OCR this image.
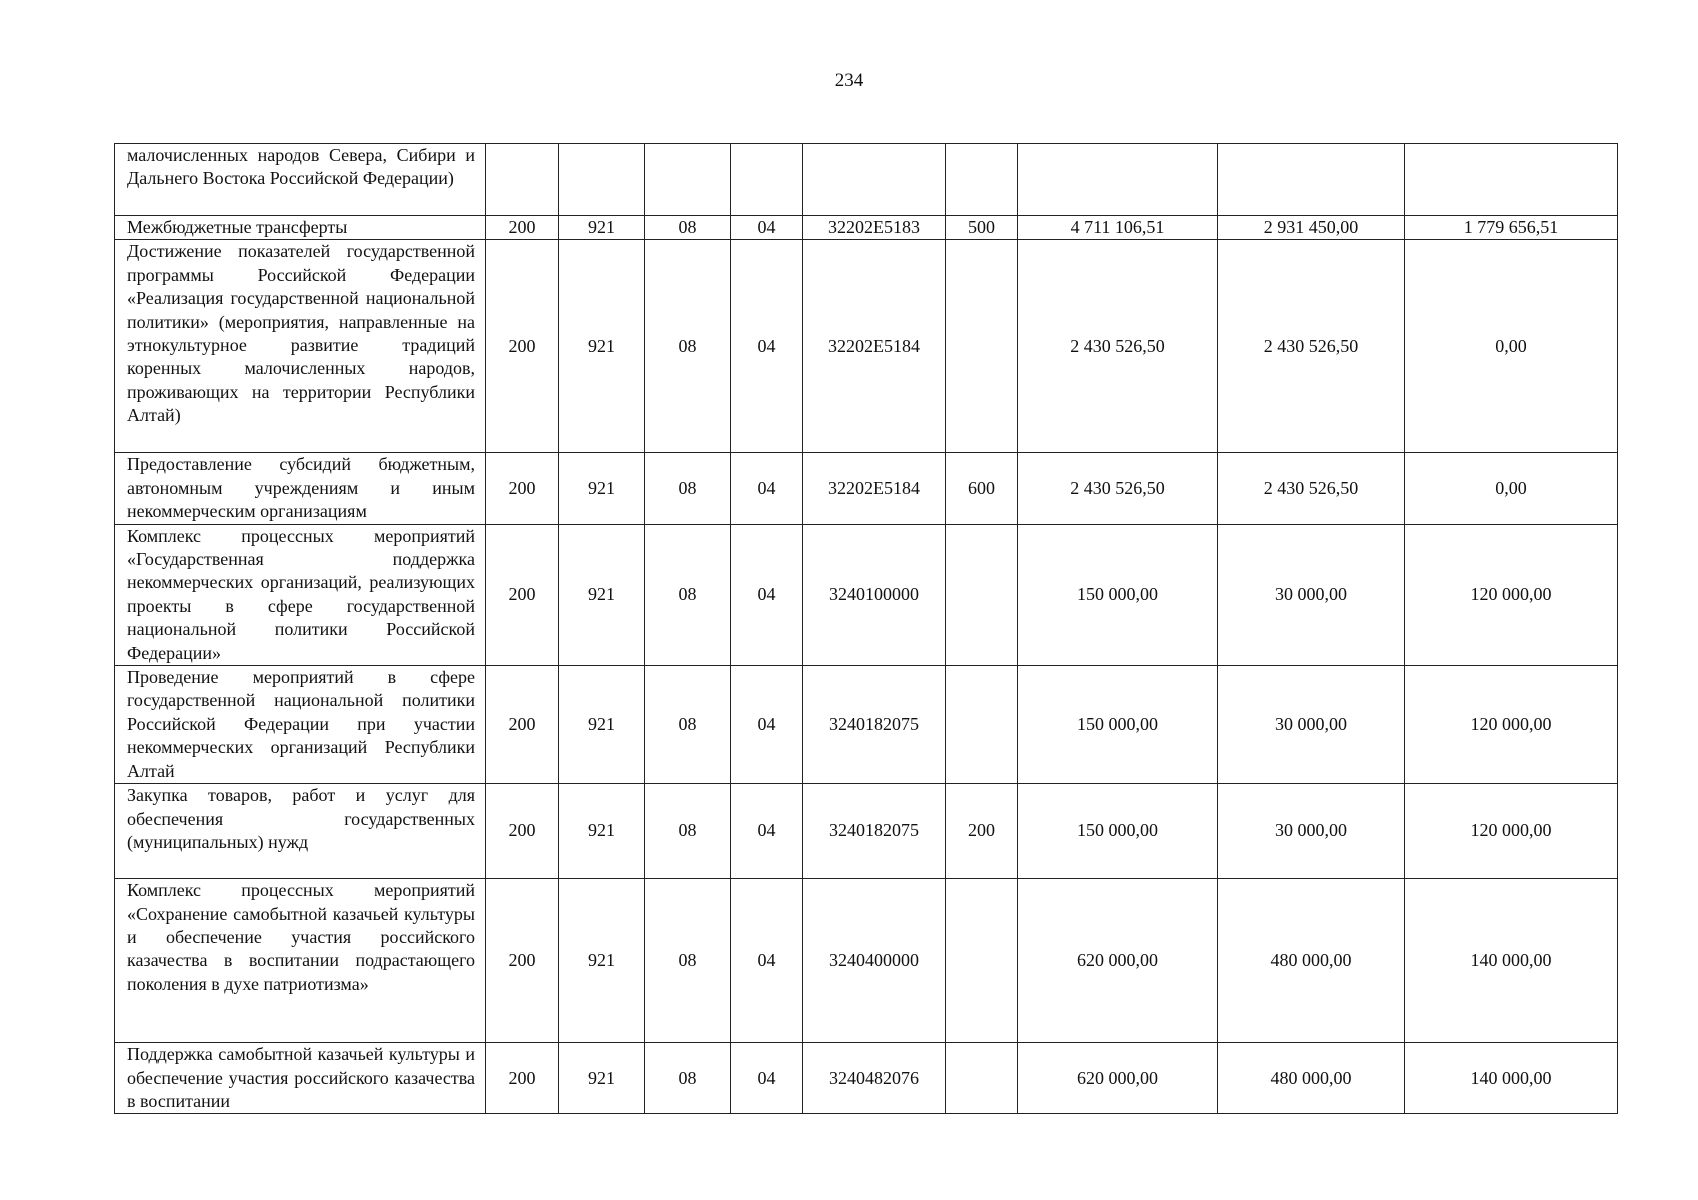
234
малочисленных народов Севера, Сибири и Дальнего Востока Российской Федерации)									
Межбюджетные трансферты	200	921	08	04	32202E5183	500	4 711 106,51	2 931 450,00	1 779 656,51
Достижение показателей государственной программы Российской Федерации «Реализация государственной национальной политики» (мероприятия, направленные на этнокультурное развитие традиций коренных малочисленных народов, проживающих на территории Республики Алтай)	200	921	08	04	32202E5184		2 430 526,50	2 430 526,50	0,00
Предоставление субсидий бюджетным, автономным учреждениям и иным некоммерческим организациям	200	921	08	04	32202E5184	600	2 430 526,50	2 430 526,50	0,00
Комплекс процессных мероприятий «Государственная поддержка некоммерческих организаций, реализующих проекты в сфере государственной национальной политики Российской Федерации»	200	921	08	04	3240100000		150 000,00	30 000,00	120 000,00
Проведение мероприятий в сфере государственной национальной политики Российской Федерации при участии некоммерческих организаций Республики Алтай	200	921	08	04	3240182075		150 000,00	30 000,00	120 000,00
Закупка товаров, работ и услуг для обеспечения государственных (муниципальных) нужд	200	921	08	04	3240182075	200	150 000,00	30 000,00	120 000,00
Комплекс процессных мероприятий «Сохранение самобытной казачьей культуры и обеспечение участия российского казачества в воспитании подрастающего поколения в духе патриотизма»	200	921	08	04	3240400000		620 000,00	480 000,00	140 000,00
Поддержка самобытной казачьей культуры и обеспечение участия российского казачества в воспитании	200	921	08	04	3240482076		620 000,00	480 000,00	140 000,00
